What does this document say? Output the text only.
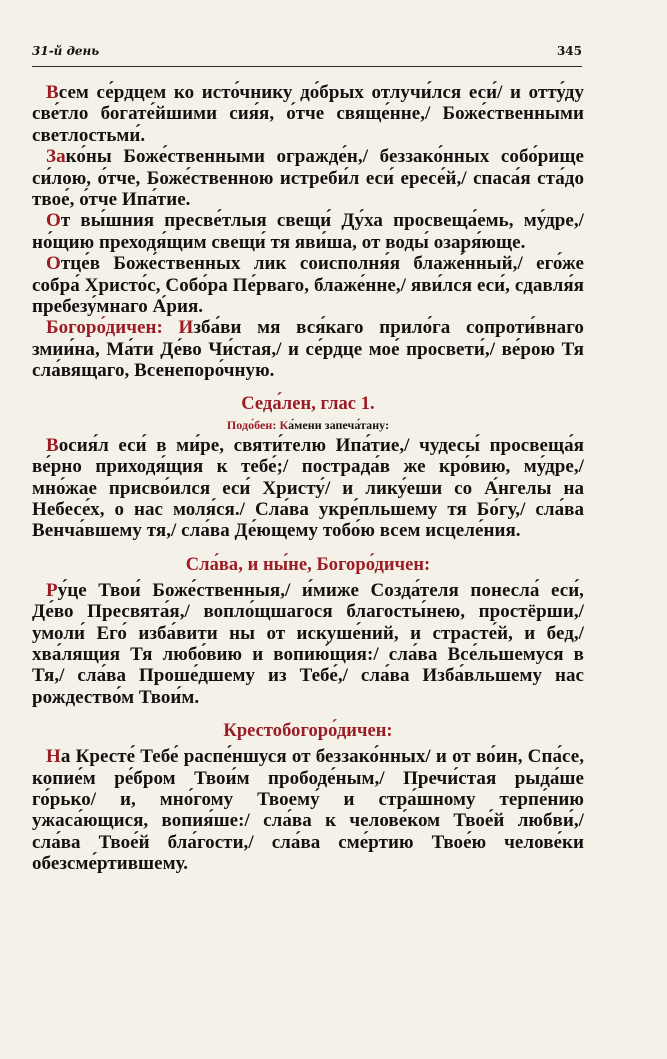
31-й день	345

Всем се́рдцем ко исто́чнику до́брых отлучи́лся еси́/ и отту́ду све́тло богате́йшими сия́я, о́тче свяще́нне,/ Боже́ственными светлостьми́.

Зако́ны Боже́ственными огражде́н,/ беззако́нных собо́рище си́лою, о́тче, Боже́ственною истреби́л еси́ ересе́й,/ спаса́я ста́до твое́, о́тче Ипа́тие.

От вы́шния пресве́тлыя свещи́ Ду́ха просвеща́емь, му́дре,/ но́щию преходя́щим свещи́ тя яви́ша, от воды́ озаря́юще.

Отце́в Боже́ственных лик соисполня́я блаже́нный,/ его́же собра́ Христо́с, Собо́ра Пе́рваго, блаже́нне,/ яви́лся еси́, сдавля́я пребезу́мнаго А́рия.

Богоро́дичен: Изба́ви мя вся́каго прило́га сопроти́внаго змии́на, Ма́ти Де́во Чи́стая,/ и се́рдце мое́ просвети́,/ ве́рою Тя сла́вящаго, Всенепоро́чную.

Седа́лен, глас 1.
Подо́бен: Ка́мени запеча́тану:

Восия́л еси́ в ми́ре, святи́телю Ипа́тие,/ чудесы́ просвеща́я ве́рно приходя́щия к тебе́;/ пострада́в же кро́вию, му́дре,/ мно́жае присво́ился еси́ Христу́/ и лику́еши со А́нгелы на Небесе́х, о нас моля́ся./ Сла́ва укре́пльшему тя Бо́гу,/ сла́ва Венча́вшему тя,/ сла́ва Де́ющему тобо́ю всем исцеле́ния.

Сла́ва, и ны́не, Богоро́дичен:

Ру́це Твои́ Боже́ственныя,/ и́миже Созда́теля понесла́ еси́, Де́во Пресвята́я,/ вопло́щшагося благосты́нею, простёрши,/ умоли́ Его́ изба́вити ны от искуше́ний, и страсте́й, и бед,/ хва́лящия Тя любо́вию и вопию́щия:/ сла́ва Все́льшемуся в Тя,/ сла́ва Проше́дшему из Тебе́,/ сла́ва Изба́вльшему нас рождество́м Твои́м.

Крестобогоро́дичен:

На Кресте́ Тебе́ распе́ншуся от беззако́нных/ и от во́ин, Спа́се, копие́м ре́бром Твои́м прободе́ным,/ Пречи́стая рыда́ше го́рько/ и, мно́гому Твоему́ и стра́шному терпе́нию ужаса́ющися, вопия́ше:/ сла́ва к челове́ком Твое́й любви́,/ сла́ва Твое́й бла́гости,/ сла́ва сме́ртию Твое́ю челове́ки обезсме́ртившему.
